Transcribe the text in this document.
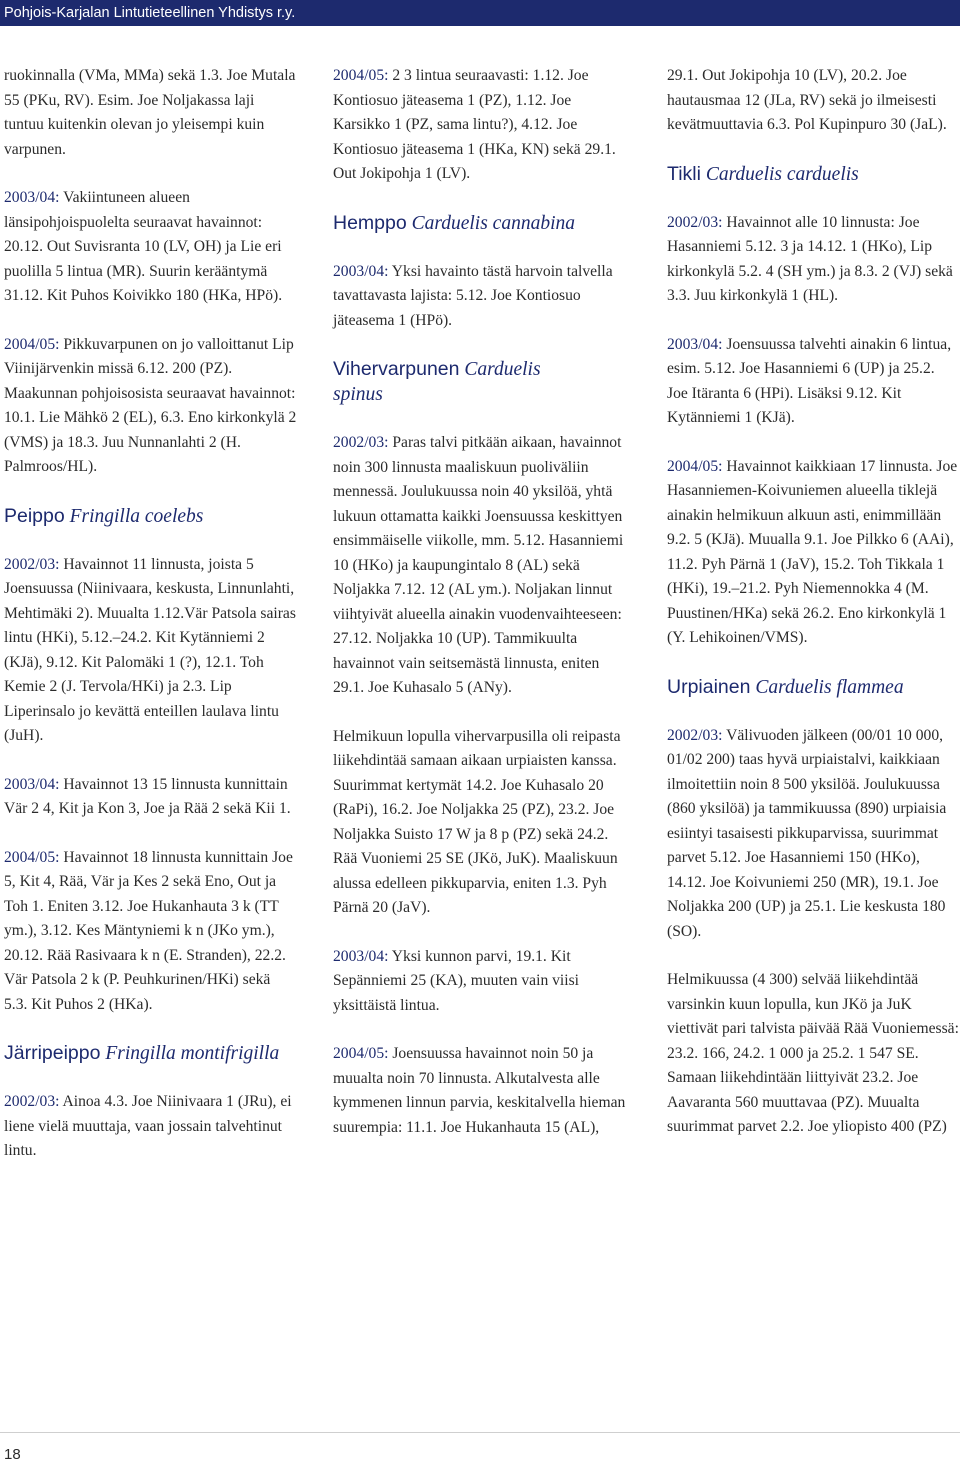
Pohjois-Karjalan Lintutieteellinen Yhdistys r.y.

ruokinnalla (VMa, MMa) sekä 1.3. Joe Mutala 55 (PKu, RV). Esim. Joe Noljakassa laji tuntuu kuitenkin olevan jo yleisempi kuin varpunen.

2003/04: Vakiintuneen alueen länsipohjoispuolelta seuraavat havainnot: 20.12. Out Suvisranta 10 (LV, OH) ja Lie eri puolilla 5 lintua (MR). Suurin kerääntymä 31.12. Kit Puhos Koivikko 180 (HKa, HPö).

2004/05: Pikkuvarpunen on jo valloittanut Lip Viinijärvenkin missä 6.12. 200 (PZ). Maakunnan pohjoisosista seuraavat havainnot: 10.1. Lie Mähkö 2 (EL), 6.3. Eno kirkonkylä 2 (VMS) ja 18.3. Juu Nunnanlahti 2 (H. Palmroos/HL).

Peippo Fringilla coelebs

2002/03: Havainnot 11 linnusta, joista 5 Joensuussa (Niinivaara, keskusta, Linnunlahti, Mehtimäki 2). Muualta 1.12.Vär Patsola sairas lintu (HKi), 5.12.–24.2. Kit Kytänniemi 2 (KJä), 9.12. Kit Palomäki 1 (?), 12.1. Toh Kemie 2 (J. Tervola/HKi) ja 2.3. Lip Liperinsalo jo kevättä enteillen laulava lintu (JuH).

2003/04: Havainnot 13 15 linnusta kunnittain Vär 2 4, Kit ja Kon 3, Joe ja Rää 2 sekä Kii 1.

2004/05: Havainnot 18 linnusta kunnittain Joe 5, Kit 4, Rää, Vär ja Kes 2 sekä Eno, Out ja Toh 1. Eniten 3.12. Joe Hukanhauta 3 k (TT ym.), 3.12. Kes Mäntyniemi k n (JKo ym.), 20.12. Rää Rasivaara k n (E. Stranden), 22.2. Vär Patsola 2 k (P. Peuhkurinen/HKi) sekä 5.3. Kit Puhos 2 (HKa).

Järripeippo Fringilla montifrigilla

2002/03: Ainoa 4.3. Joe Niinivaara 1 (JRu), ei liene vielä muuttaja, vaan jossain talvehtinut lintu.

2004/05: 2 3 lintua seuraavasti: 1.12. Joe Kontiosuo jäteasema 1 (PZ), 1.12. Joe Karsikko 1 (PZ, sama lintu?), 4.12. Joe Kontiosuo jäteasema 1 (HKa, KN) sekä 29.1. Out Jokipohja 1 (LV).

Hemppo Carduelis cannabina

2003/04: Yksi havainto tästä harvoin talvella tavattavasta lajista: 5.12. Joe Kontiosuo jäteasema 1 (HPö).

Vihervarpunen Carduelis
spinus

2002/03: Paras talvi pitkään aikaan, havainnot noin 300 linnusta maaliskuun puoliväliin mennessä. Joulukuussa noin 40 yksilöä, yhtä lukuun ottamatta kaikki Joensuussa keskittyen ensimmäiselle viikolle, mm. 5.12. Hasanniemi 10 (HKo) ja kaupungintalo 8 (AL) sekä Noljakka 7.12. 12 (AL ym.). Noljakan linnut viihtyivät alueella ainakin vuodenvaihteeseen: 27.12. Noljakka 10 (UP). Tammikuulta havainnot vain seitsemästä linnusta, eniten 29.1. Joe Kuhasalo 5 (ANy).

Helmikuun lopulla vihervarpusilla oli reipasta liikehdintää samaan aikaan urpiaisten kanssa. Suurimmat kertymät 14.2. Joe Kuhasalo 20 (RaPi), 16.2. Joe Noljakka 25 (PZ), 23.2. Joe Noljakka Suisto 17 W ja 8 p (PZ) sekä 24.2. Rää Vuoniemi 25 SE (JKö, JuK). Maaliskuun alussa edelleen pikkuparvia, eniten 1.3. Pyh Pärnä 20 (JaV).

2003/04: Yksi kunnon parvi, 19.1. Kit Sepänniemi 25 (KA), muuten vain viisi yksittäistä lintua.

2004/05: Joensuussa havainnot noin 50 ja muualta noin 70 linnusta. Alkutalvesta alle kymmenen linnun parvia, keskitalvella hieman suurempia: 11.1. Joe Hukanhauta 15 (AL),

29.1. Out Jokipohja 10 (LV), 20.2. Joe hautausmaa 12 (JLa, RV) sekä jo ilmeisesti kevätmuuttavia 6.3. Pol Kupinpuro 30 (JaL).

Tikli Carduelis carduelis

2002/03: Havainnot alle 10 linnusta: Joe Hasanniemi 5.12. 3 ja 14.12. 1 (HKo), Lip kirkonkylä 5.2. 4 (SH ym.) ja 8.3. 2 (VJ) sekä 3.3. Juu kirkonkylä 1 (HL).

2003/04: Joensuussa talvehti ainakin 6 lintua, esim. 5.12. Joe Hasanniemi 6 (UP) ja 25.2. Joe Itäranta 6 (HPi). Lisäksi 9.12. Kit Kytänniemi 1 (KJä).

2004/05: Havainnot kaikkiaan 17 linnusta. Joe Hasanniemen-Koivuniemen alueella tiklejä ainakin helmikuun alkuun asti, enimmillään 9.2. 5 (KJä). Muualla 9.1. Joe Pilkko 6 (AAi), 11.2. Pyh Pärnä 1 (JaV), 15.2. Toh Tikkala 1 (HKi), 19.–21.2. Pyh Niemennokka 4 (M. Puustinen/HKa) sekä 26.2. Eno kirkonkylä 1 (Y. Lehikoinen/VMS).

Urpiainen Carduelis flammea

2002/03: Välivuoden jälkeen (00/01 10 000, 01/02 200) taas hyvä urpiaistalvi, kaikkiaan ilmoitettiin noin 8 500 yksilöä. Joulukuussa (860 yksilöä) ja tammikuussa (890) urpiaisia esiintyi tasaisesti pikkuparvissa, suurimmat parvet 5.12. Joe Hasanniemi 150 (HKo), 14.12. Joe Koivuniemi 250 (MR), 19.1. Joe Noljakka 200 (UP) ja 25.1. Lie keskusta 180 (SO).

Helmikuussa (4 300) selvää liikehdintää varsinkin kuun lopulla, kun JKö ja JuK viettivät pari talvista päivää Rää Vuoniemessä: 23.2. 166, 24.2. 1 000 ja 25.2. 1 547 SE. Samaan liikehdintään liittyivät 23.2. Joe Aavaranta 560 muuttavaa (PZ). Muualta suurimmat parvet 2.2. Joe yliopisto 400 (PZ)

18
